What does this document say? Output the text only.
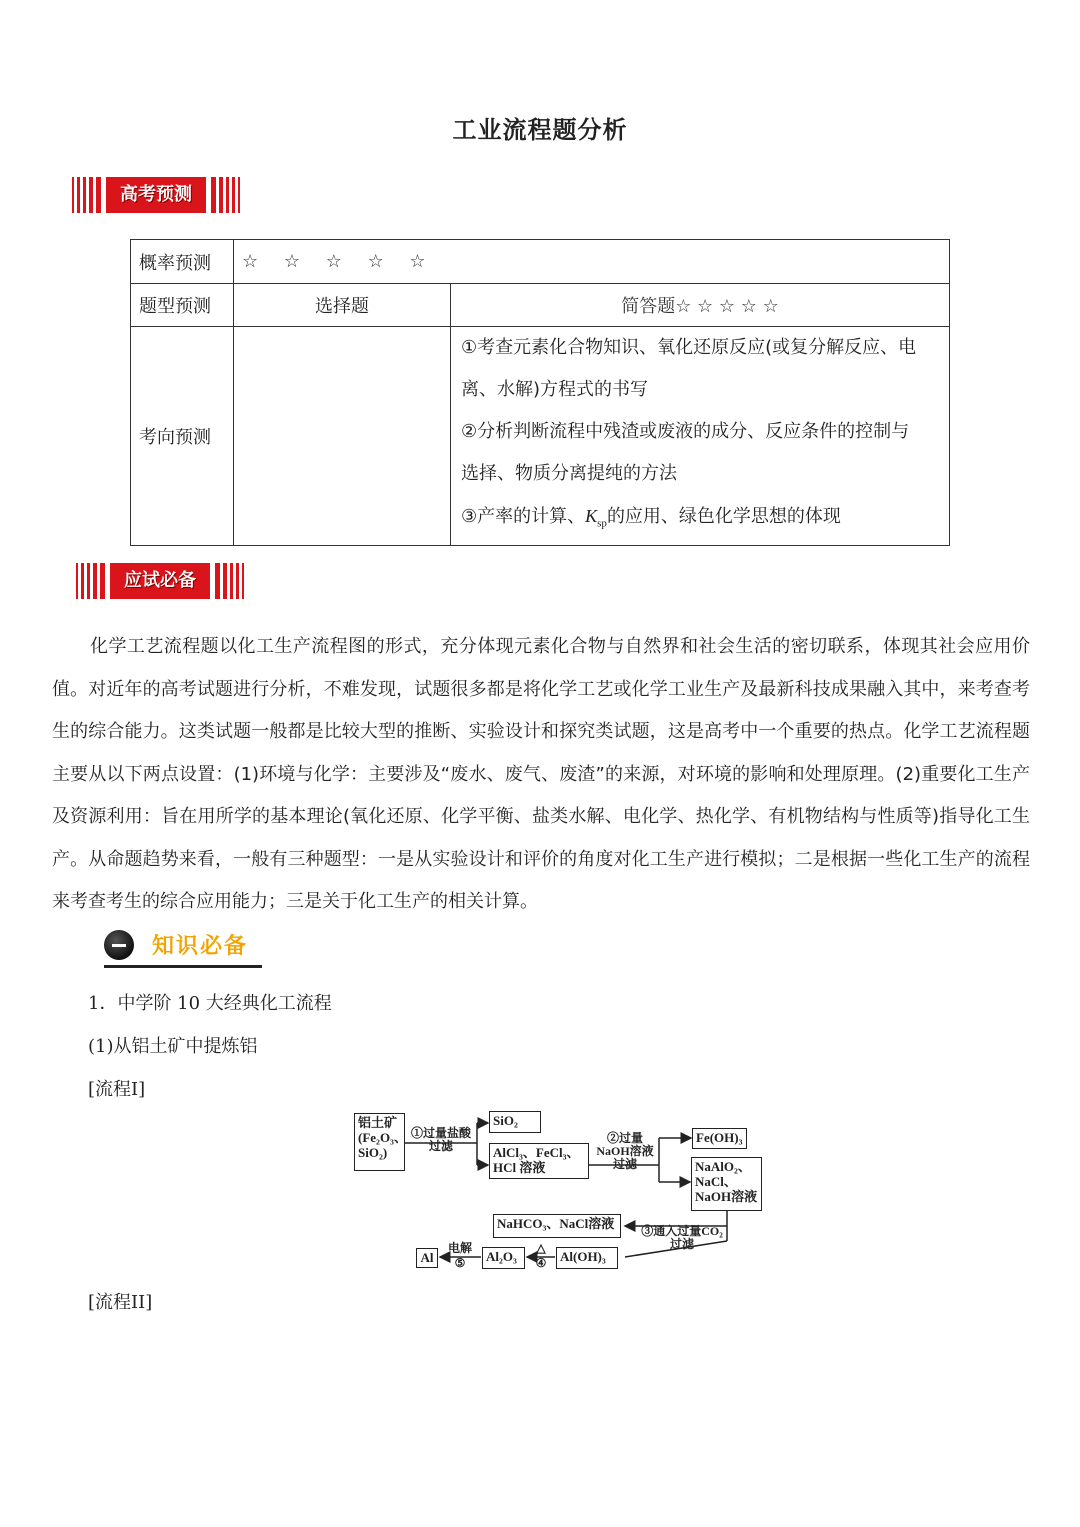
工业流程题分析
高考预测
概率预测	☆ ☆ ☆ ☆ ☆	
题型预测	选择题	简答题☆ ☆ ☆ ☆ ☆
考向预测		①考查元素化合物知识、氧化还原反应(或复分解反应、电
离、水解)方程式的书写
②分析判断流程中残渣或废液的成分、反应条件的控制与
选择、物质分离提纯的方法
③产率的计算、$K_{sp}$的应用、绿色化学思想的体现
应试必备

化学工艺流程题以化工生产流程图的形式，充分体现元素化合物与自然界和社会生活的密切联系，体现其社会应用价值。对近年的高考试题进行分析，不难发现，试题很多都是将化学工艺或化学工业生产及最新科技成果融入其中，来考查考生的综合能力。这类试题一般都是比较大型的推断、实验设计和探究类试题，这是高考中一个重要的热点。化学工艺流程题主要从以下两点设置：(1)环境与化学：主要涉及“废水、废气、废渣”的来源，对环境的影响和处理原理。(2)重要化工生产及资源利用：旨在用所学的基本理论(氧化还原、化学平衡、盐类水解、电化学、热化学、有机物结构与性质等)指导化工生产。从命题趋势来看，一般有三种题型：一是从实验设计和评价的角度对化工生产进行模拟；二是根据一些化工生产的流程来考查考生的综合应用能力；三是关于化工生产的相关计算。

知识必备
1．中学阶 10 大经典化工流程
(1)从铝土矿中提炼铝
[流程I]
铝土矿
(Fe₂O₃、
SiO₂)
①过量盐酸
过滤
SiO₂
AlCl₃、FeCl₃、
HCl 溶液
②过量
NaOH溶液
过滤
Fe(OH)₃
NaAlO₂、
NaCl、
NaOH溶液
NaHCO₃、NaCl溶液	③通入过量CO₂
过滤
Al(OH)₃
△
④
Al₂O₃
电解
⑤
Al
[流程II]
